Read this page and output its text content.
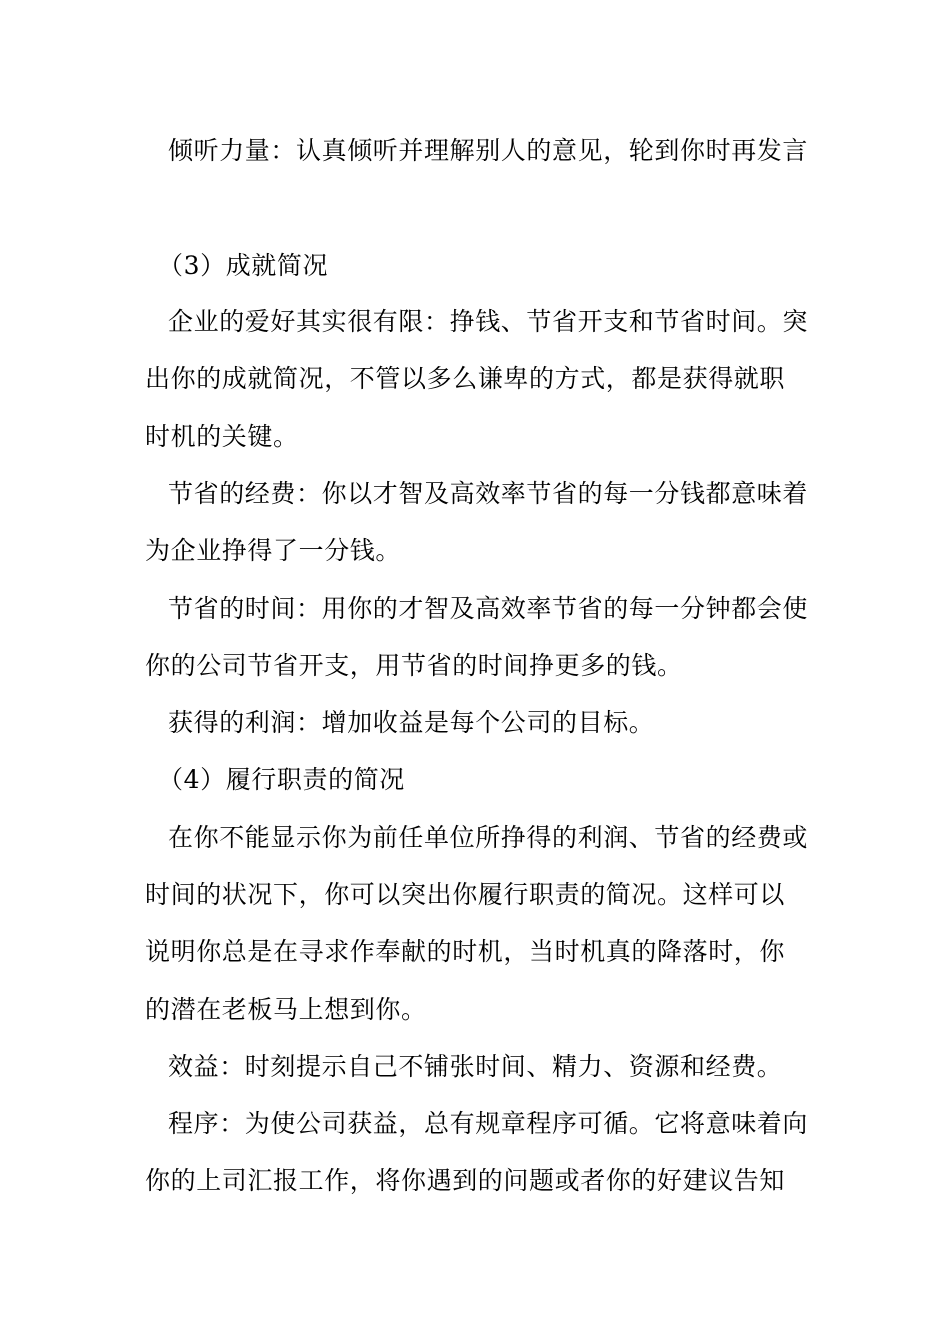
倾听力量：认真倾听并理解别人的意见，轮到你时再发言
（3）成就简况
企业的爱好其实很有限：挣钱、节省开支和节省时间。突
出你的成就简况，不管以多么谦卑的方式，都是获得就职
时机的关键。
节省的经费：你以才智及高效率节省的每一分钱都意味着
为企业挣得了一分钱。
节省的时间：用你的才智及高效率节省的每一分钟都会使
你的公司节省开支，用节省的时间挣更多的钱。
获得的利润：增加收益是每个公司的目标。
（4）履行职责的简况
在你不能显示你为前任单位所挣得的利润、节省的经费或
时间的状况下，你可以突出你履行职责的简况。这样可以
说明你总是在寻求作奉献的时机，当时机真的降落时，你
的潜在老板马上想到你。
效益：时刻提示自己不铺张时间、精力、资源和经费。
程序：为使公司获益，总有规章程序可循。它将意味着向
你的上司汇报工作，将你遇到的问题或者你的好建议告知
